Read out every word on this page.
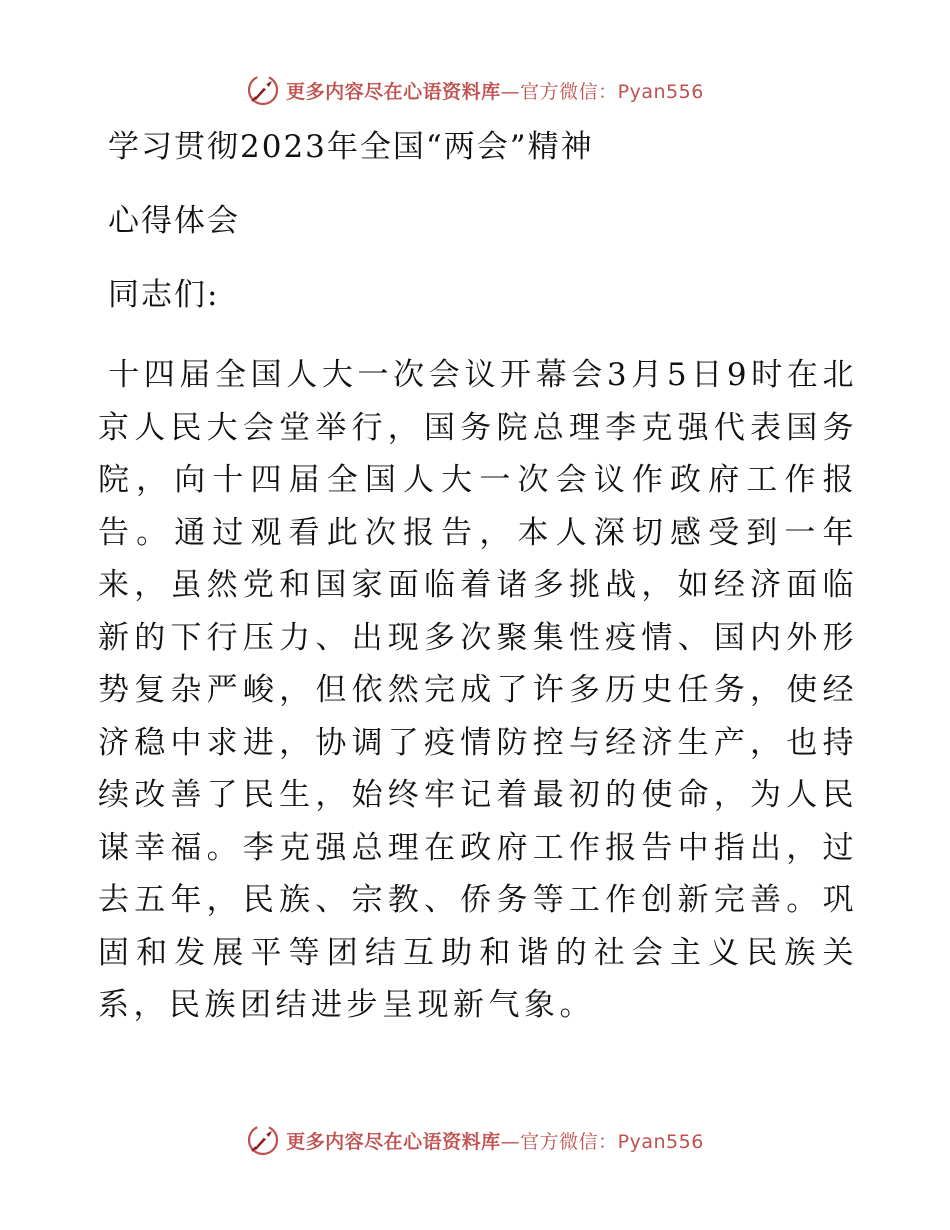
更多内容尽在心语资料库—官方微信：Pyan556
学习贯彻2023年全国“两会”精神
心得体会
同志们:
十四届全国人大一次会议开幕会3月5日9时在北京人民大会堂举行，国务院总理李克强代表国务院，向十四届全国人大一次会议作政府工作报告。通过观看此次报告，本人深切感受到一年来，虽然党和国家面临着诸多挑战，如经济面临新的下行压力、出现多次聚集性疫情、国内外形势复杂严峻，但依然完成了许多历史任务，使经济稳中求进，协调了疫情防控与经济生产，也持续改善了民生，始终牢记着最初的使命，为人民谋幸福。李克强总理在政府工作报告中指出，过去五年，民族、宗教、侨务等工作创新完善。巩固和发展平等团结互助和谐的社会主义民族关系，民族团结进步呈现新气象。
更多内容尽在心语资料库—官方微信：Pyan556
